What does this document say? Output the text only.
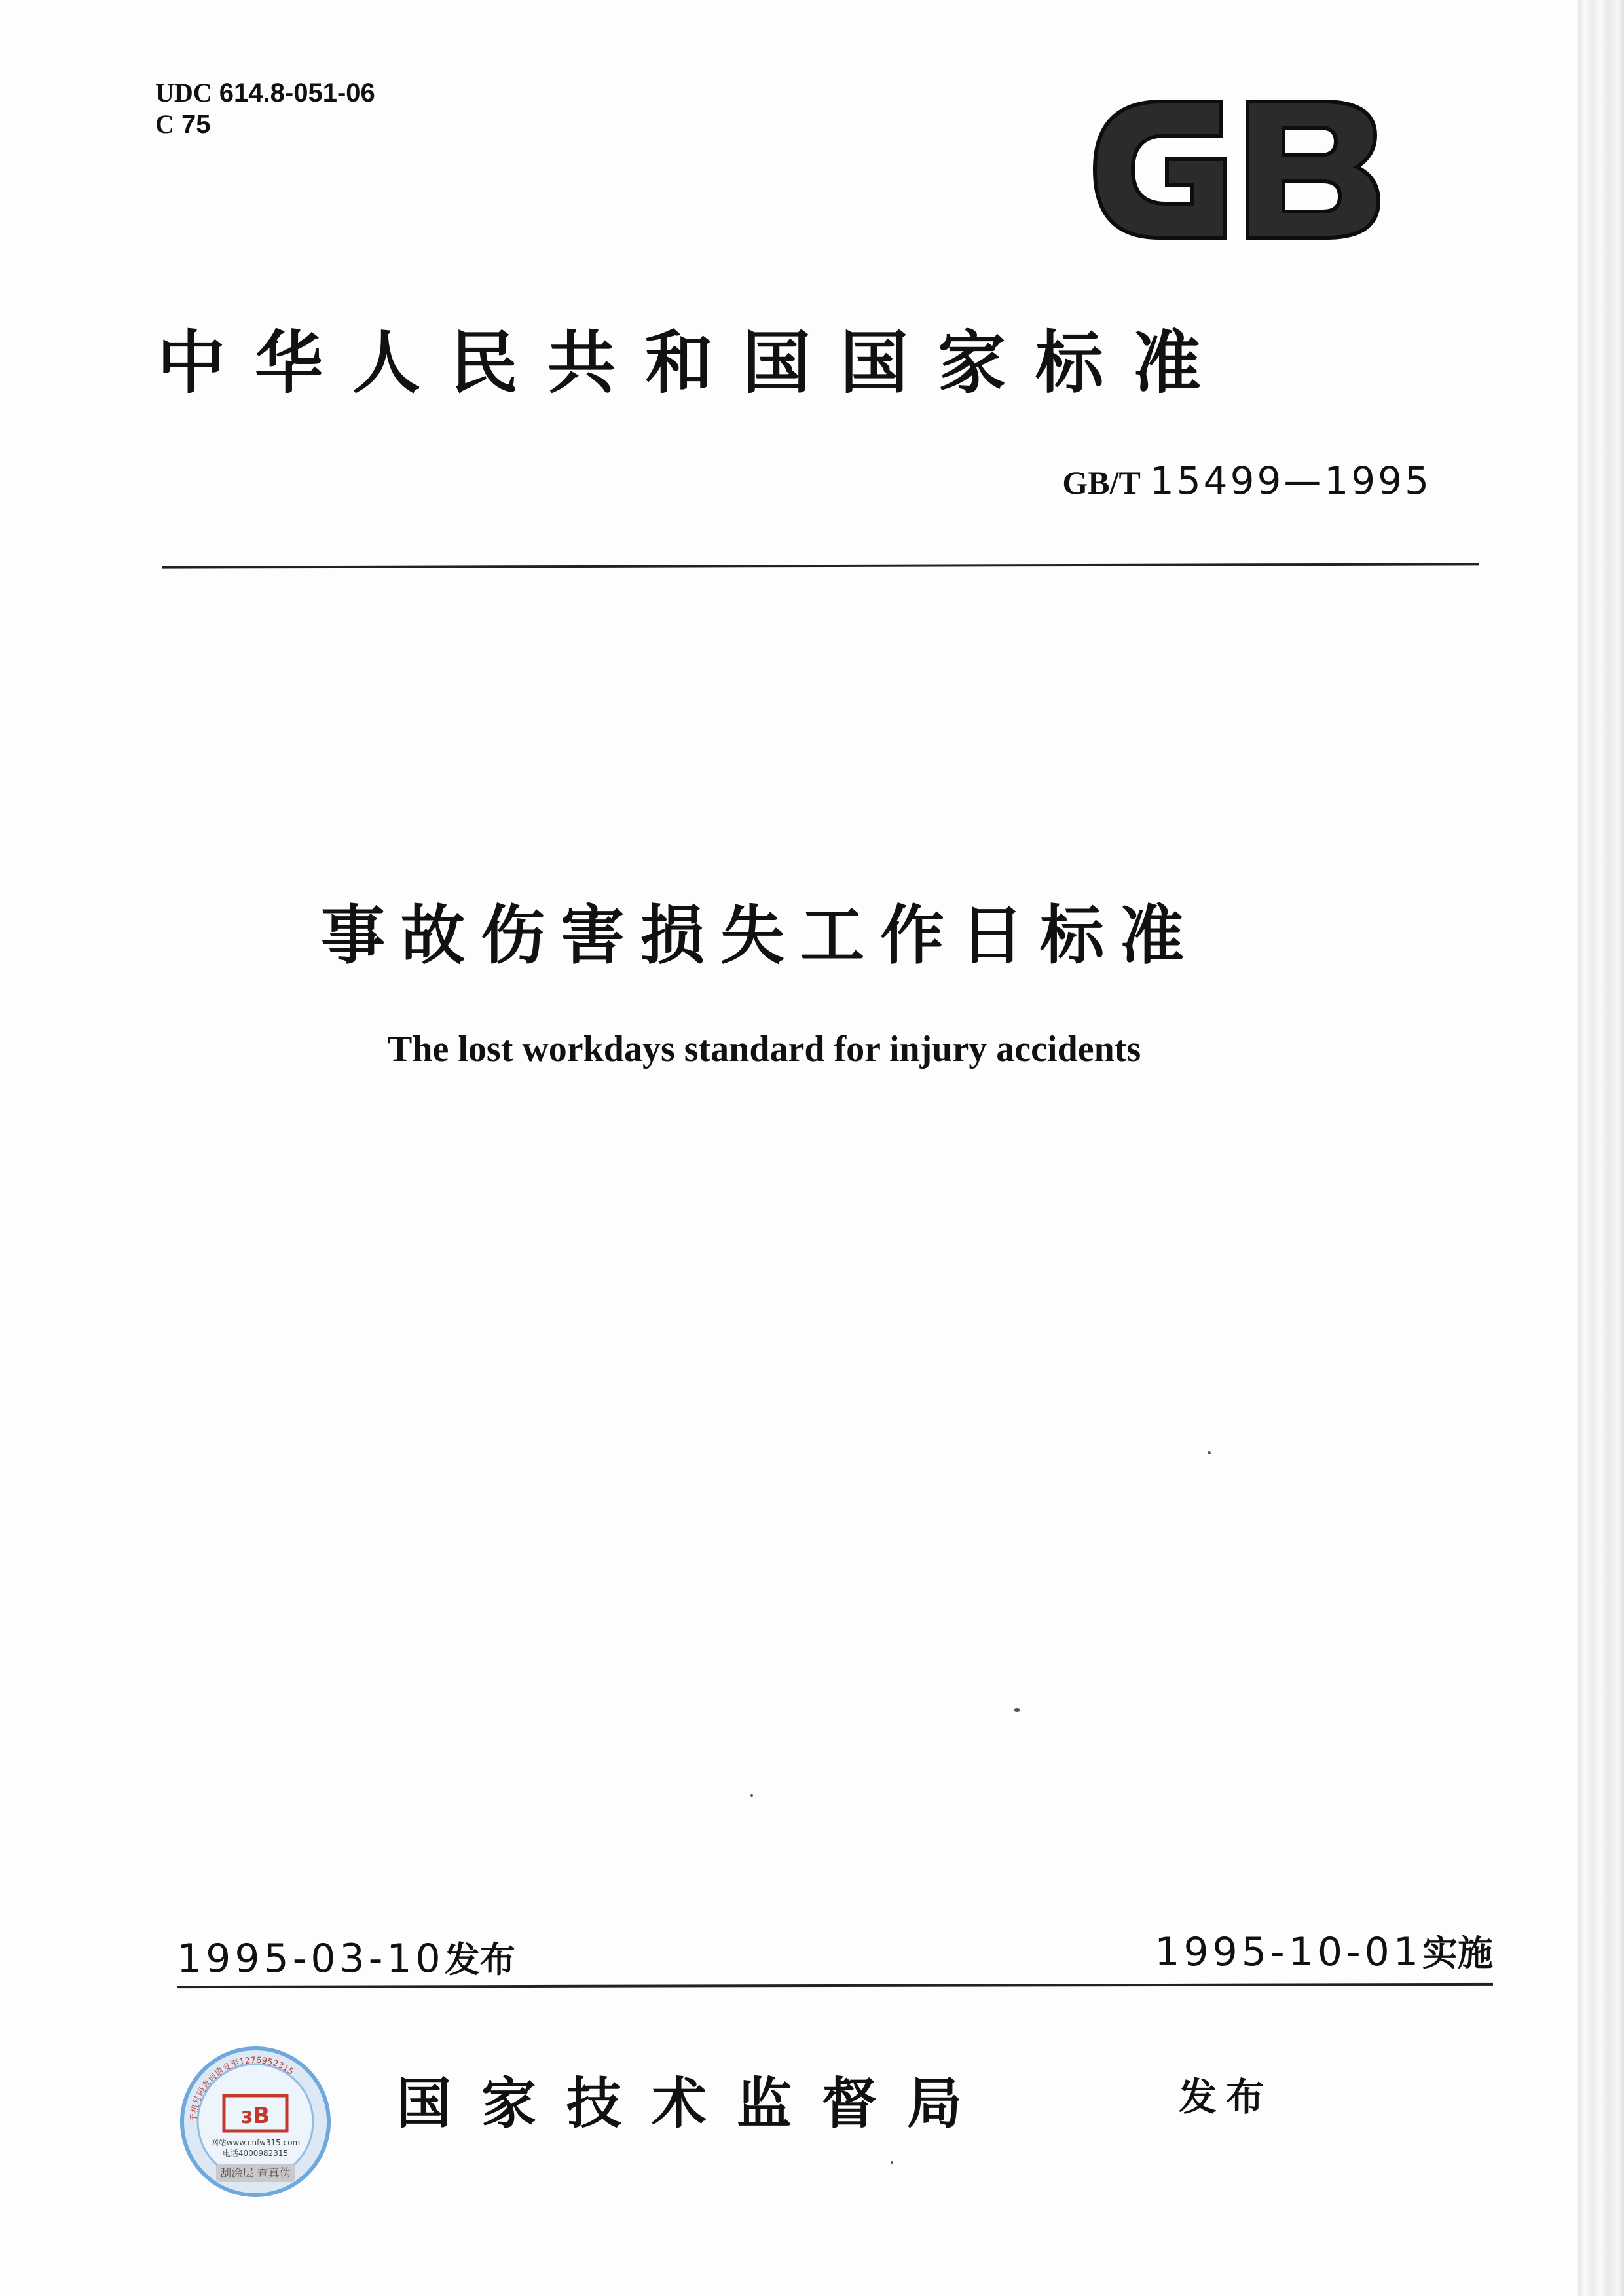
UDC 614.8-051-06
C 75
中华人民共和国国家标准
GB/T 15499—1995
事故伤害损失工作日标准
The lost workdays standard for injury accidents
1995-03-10发布	1995-10-01实施
手机号码查询请发至1276952315
ɜB
网站www.cnfw315.com
电话4000982315
刮涂层 查真伪
国家技术监督局	发布
